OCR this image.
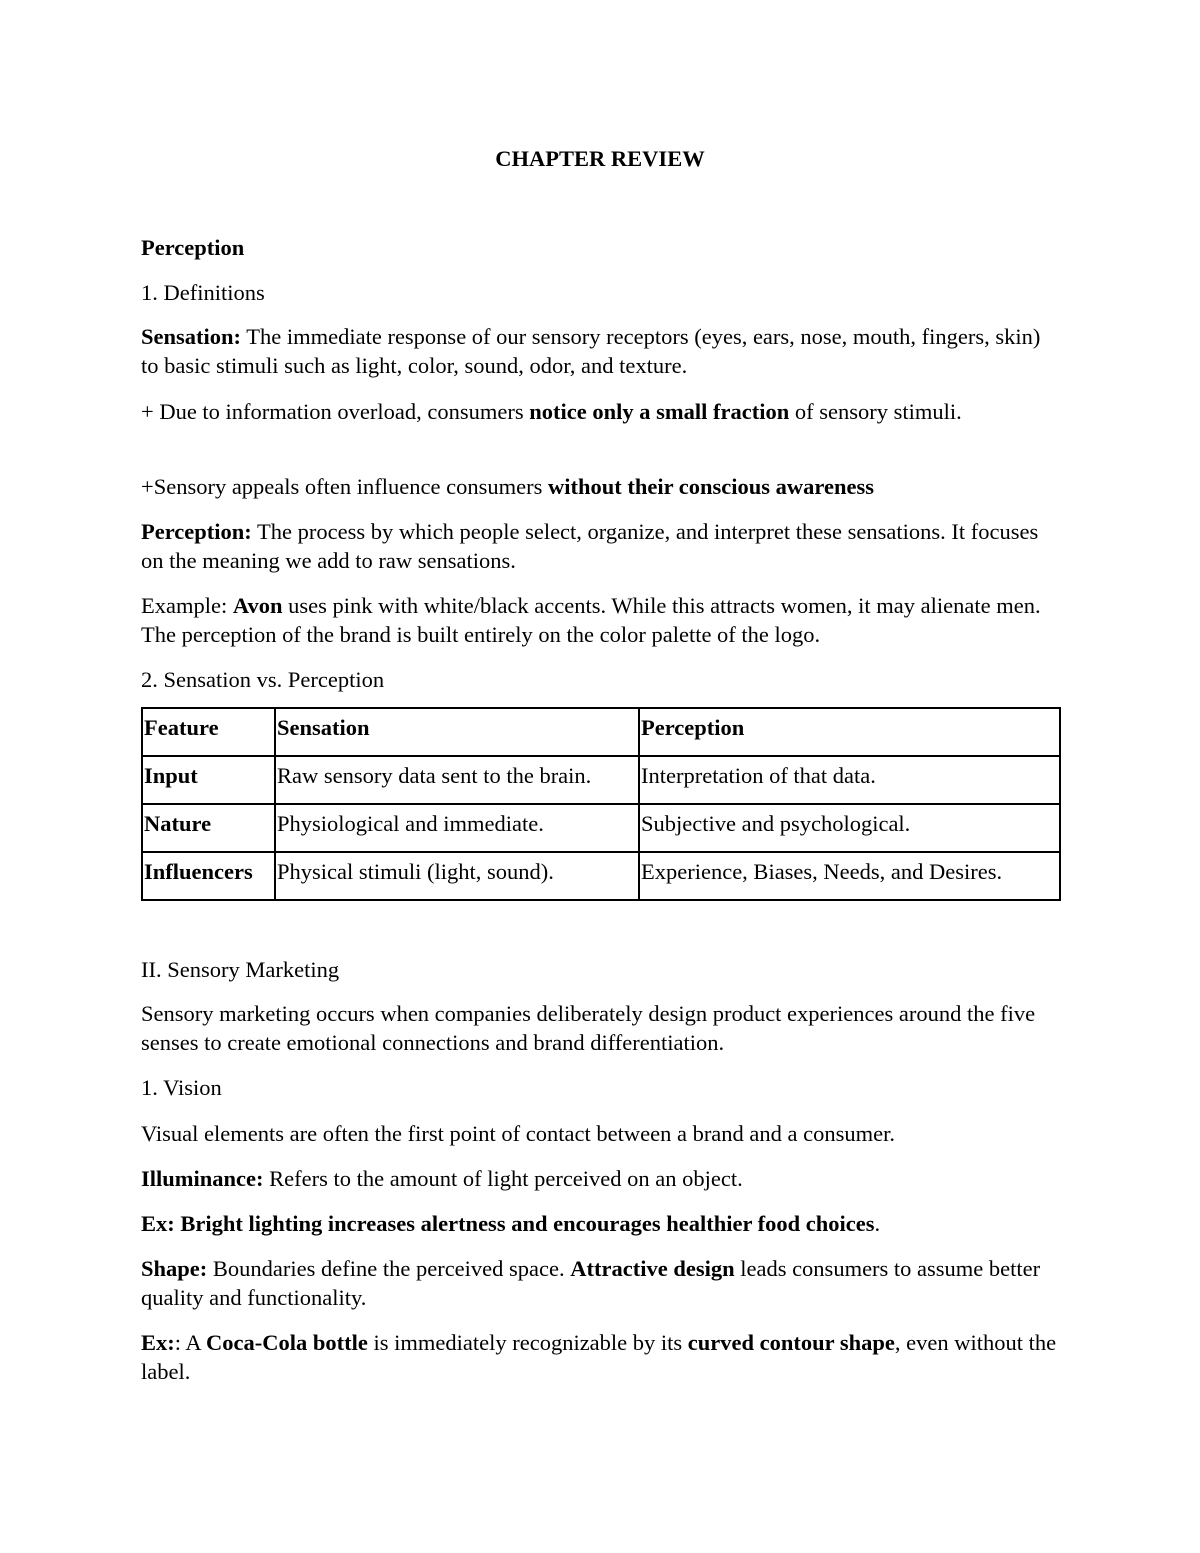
CHAPTER REVIEW

Perception

1. Definitions

Sensation: The immediate response of our sensory receptors (eyes, ears, nose, mouth, fingers, skin) to basic stimuli such as light, color, sound, odor, and texture.

+ Due to information overload, consumers notice only a small fraction of sensory stimuli.

+Sensory appeals often influence consumers without their conscious awareness

Perception: The process by which people select, organize, and interpret these sensations. It focuses on the meaning we add to raw sensations.

Example: Avon uses pink with white/black accents. While this attracts women, it may alienate men. The perception of the brand is built entirely on the color palette of the logo.

2. Sensation vs. Perception

Feature	Sensation	Perception
Input	Raw sensory data sent to the brain.	Interpretation of that data.
Nature	Physiological and immediate.	Subjective and psychological.
Influencers	Physical stimuli (light, sound).	Experience, Biases, Needs, and Desires.

II. Sensory Marketing

Sensory marketing occurs when companies deliberately design product experiences around the five senses to create emotional connections and brand differentiation.

1. Vision

Visual elements are often the first point of contact between a brand and a consumer.

Illuminance: Refers to the amount of light perceived on an object.

Ex: Bright lighting increases alertness and encourages healthier food choices.

Shape: Boundaries define the perceived space. Attractive design leads consumers to assume better quality and functionality.

Ex:: A Coca-Cola bottle is immediately recognizable by its curved contour shape, even without the label.
